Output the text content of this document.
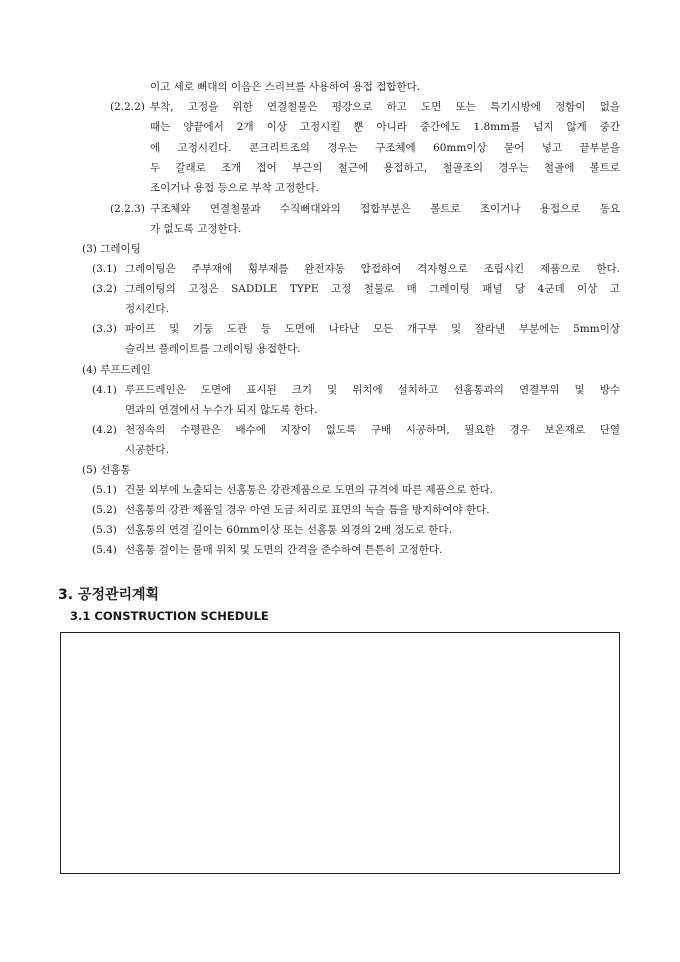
이고 세로 뼈대의 이음은 스리브를 사용하여 용접 접합한다.
(2.2.2) 부착, 고정을 위한 연결철물은 평강으로 하고 도면 또는 특기시방에 정함이 없을
때는 양끝에서 2개 이상 고정시킬 뿐 아니라 중간에도 1.8mm를 넘지 않게 중간
에 고정시킨다. 콘크리트조의 경우는 구조체에 60mm이상 묻어 넣고 끝부분을
두 갈래로 조개 접어 부근의 철근에 용접하고, 철골조의 경우는 철골에 볼트로
조이거나 용접 등으로 부착 고정한다.
(2.2.3) 구조체와 연결철물과 수직뼈대와의 접합부분은 볼트로 조이거나 용접으로 동요
가 없도록 고정한다.
(3) 그레이팅
(3.1) 그레이팅은 주부재에 횡부재를 완전자동 압접하여 격자형으로 조립시킨 제품으로 한다.
(3.2) 그레이팅의 고정은 SADDLE TYPE 고정 철물로 매 그레이팅 패널 당 4군데 이상 고
정시킨다.
(3.3) 파이프 및 기둥 도관 등 도면에 나타난 모든 개구부 및 잘라낸 부분에는 5mm이상
슬리브 플레이트를 그레이팅 용접한다.
(4) 루프드레인
(4.1) 루프드레인은 도면에 표시된 크기 및 위치에 설치하고 선홈통과의 연결부위 및 방수
면과의 연결에서 누수가 되지 않도록 한다.
(4.2) 천정속의 수평관은 배수에 지장이 없도록 구배 시공하며, 필요한 경우 보온재로 단열
시공한다.
(5) 선홈통
(5.1) 건물 외부에 노출되는 선홈통은 강관제품으로 도면의 규격에 따른 제품으로 한다.
(5.2) 선홈통의 강관 제품일 경우 아연 도금 처리로 표면의 녹슬 틈을 방지하여야 한다.
(5.3) 선홈통의 연결 길이는 60mm이상 또는 선홈통 외경의 2배 정도로 한다.
(5.4) 선홈통 걸이는 물매 위치 및 도면의 간격을 준수하여 튼튼히 고정한다.
3. 공정관리계획
3.1 CONSTRUCTION SCHEDULE
